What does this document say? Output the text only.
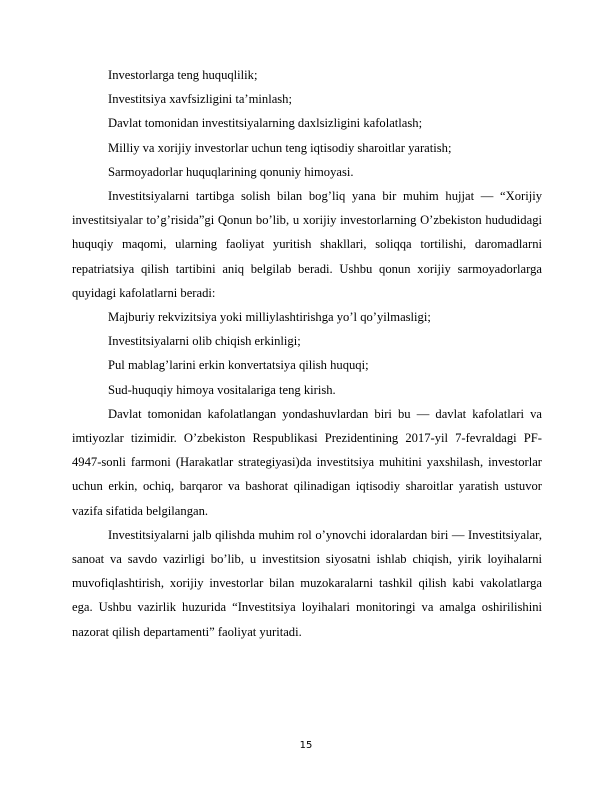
Investorlarga teng huquqlilik;

Investitsiya xavfsizligini ta’minlash;

Davlat tomonidan investitsiyalarning daxlsizligini kafolatlash;

Milliy va xorijiy investorlar uchun teng iqtisodiy sharoitlar yaratish;

Sarmoyadorlar huquqlarining qonuniy himoyasi.

Investitsiyalarni tartibga solish bilan bog’liq yana bir muhim hujjat — “Xorijiy investitsiyalar to’g’risida”gi Qonun bo’lib, u xorijiy investorlarning O’zbekiston hududidagi huquqiy maqomi, ularning faoliyat yuritish shakllari, soliqqa tortilishi, daromadlarni repatriatsiya qilish tartibini aniq belgilab beradi. Ushbu qonun xorijiy sarmoyadorlarga quyidagi kafolatlarni beradi:

Majburiy rekvizitsiya yoki milliylashtirishga yo’l qo’yilmasligi;

Investitsiyalarni olib chiqish erkinligi;

Pul mablag’larini erkin konvertatsiya qilish huquqi;

Sud-huquqiy himoya vositalariga teng kirish.

Davlat tomonidan kafolatlangan yondashuvlardan biri bu — davlat kafolatlari va imtiyozlar tizimidir. O’zbekiston Respublikasi Prezidentining 2017-yil 7-fevraldagi PF-4947-sonli farmoni (Harakatlar strategiyasi)da investitsiya muhitini yaxshilash, investorlar uchun erkin, ochiq, barqaror va bashorat qilinadigan iqtisodiy sharoitlar yaratish ustuvor vazifa sifatida belgilangan.

Investitsiyalarni jalb qilishda muhim rol o’ynovchi idoralardan biri — Investitsiyalar, sanoat va savdo vazirligi bo’lib, u investitsion siyosatni ishlab chiqish, yirik loyihalarni muvofiqlashtirish, xorijiy investorlar bilan muzokaralarni tashkil qilish kabi vakolatlarga ega. Ushbu vazirlik huzurida “Investitsiya loyihalari monitoringi va amalga oshirilishini nazorat qilish departamenti” faoliyat yuritadi.

15
